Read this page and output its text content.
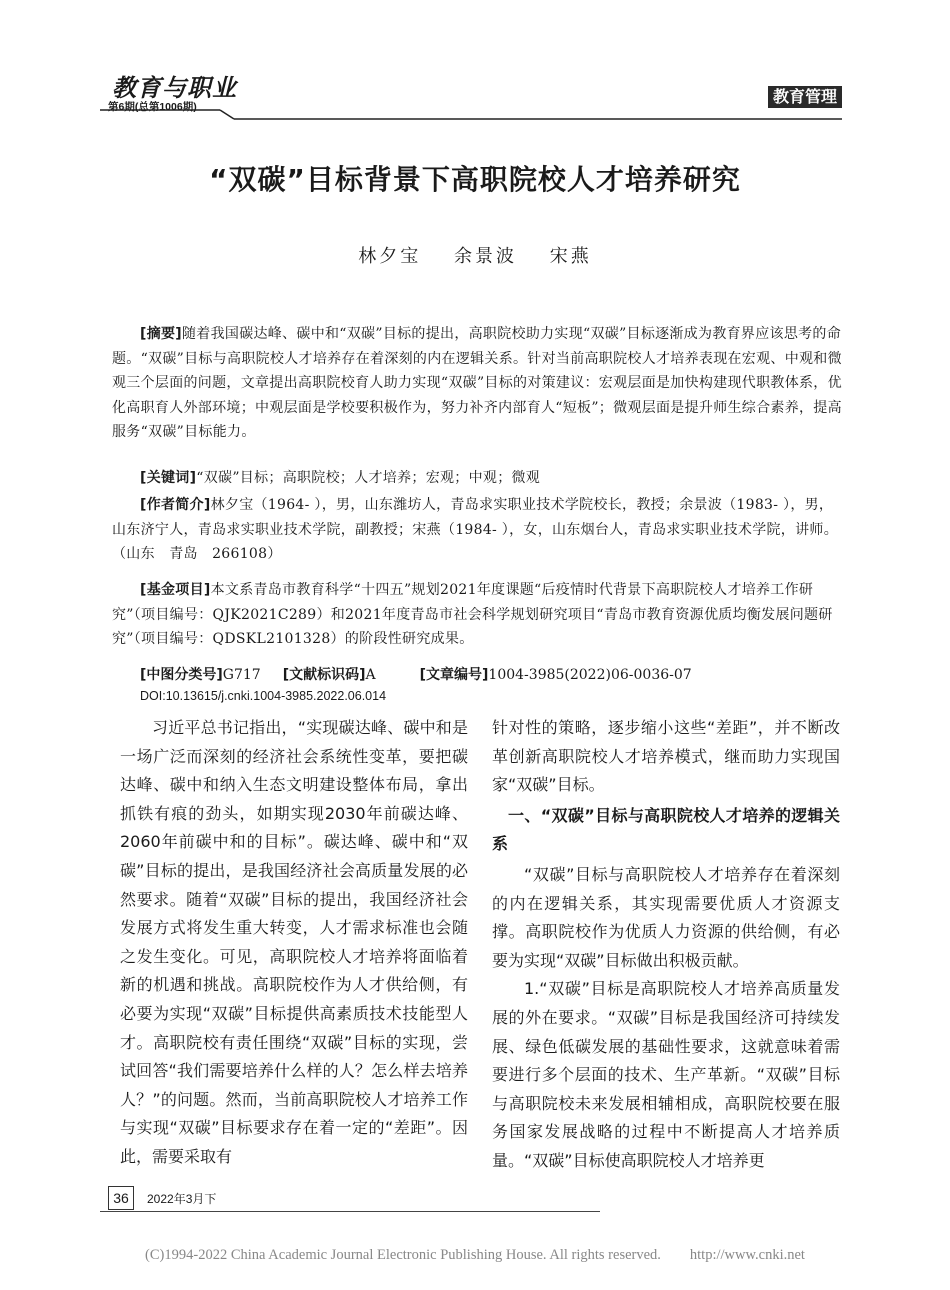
教育与职业
第6期(总第1006期)
教育管理
“双碳”目标背景下高职院校人才培养研究
林夕宝 余景波 宋燕

[摘要]随着我国碳达峰、碳中和“双碳”目标的提出，高职院校助力实现“双碳”目标逐渐成为教育界应该思考的命题。“双碳”目标与高职院校人才培养存在着深刻的内在逻辑关系。针对当前高职院校人才培养表现在宏观、中观和微观三个层面的问题，文章提出高职院校育人助力实现“双碳”目标的对策建议：宏观层面是加快构建现代职教体系，优化高职育人外部环境；中观层面是学校要积极作为，努力补齐内部育人“短板”；微观层面是提升师生综合素养，提高服务“双碳”目标能力。

[关键词]“双碳”目标；高职院校；人才培养；宏观；中观；微观

[作者简介]林夕宝（1964- ），男，山东潍坊人，青岛求实职业技术学院校长，教授；余景波（1983- ），男，山东济宁人，青岛求实职业技术学院，副教授；宋燕（1984- ），女，山东烟台人，青岛求实职业技术学院，讲师。（山东　青岛　266108）

[基金项目]本文系青岛市教育科学“十四五”规划2021年度课题“后疫情时代背景下高职院校人才培养工作研究”（项目编号：QJK2021C289）和2021年度青岛市社会科学规划研究项目“青岛市教育资源优质均衡发展问题研究”（项目编号：QDSKL2101328）的阶段性研究成果。

[中图分类号]G717 [文献标识码]A	[文章编号]1004-3985(2022)06-0036-07
DOI:10.13615/j.cnki.1004-3985.2022.06.014

习近平总书记指出，“实现碳达峰、碳中和是一场广泛而深刻的经济社会系统性变革，要把碳达峰、碳中和纳入生态文明建设整体布局，拿出抓铁有痕的劲头，如期实现2030年前碳达峰、2060年前碳中和的目标”。碳达峰、碳中和“双碳”目标的提出，是我国经济社会高质量发展的必然要求。随着“双碳”目标的提出，我国经济社会发展方式将发生重大转变，人才需求标准也会随之发生变化。可见，高职院校人才培养将面临着新的机遇和挑战。高职院校作为人才供给侧，有必要为实现“双碳”目标提供高素质技术技能型人才。高职院校有责任围绕“双碳”目标的实现，尝试回答“我们需要培养什么样的人？怎么样去培养人？”的问题。然而，当前高职院校人才培养工作与实现“双碳”目标要求存在着一定的“差距”。因此，需要采取有

针对性的策略，逐步缩小这些“差距”，并不断改革创新高职院校人才培养模式，继而助力实现国家“双碳”目标。

一、“双碳”目标与高职院校人才培养的逻辑关系

“双碳”目标与高职院校人才培养存在着深刻的内在逻辑关系，其实现需要优质人才资源支撑。高职院校作为优质人力资源的供给侧，有必要为实现“双碳”目标做出积极贡献。

1.“双碳”目标是高职院校人才培养高质量发展的外在要求。“双碳”目标是我国经济可持续发展、绿色低碳发展的基础性要求，这就意味着需要进行多个层面的技术、生产革新。“双碳”目标与高职院校未来发展相辅相成，高职院校要在服务国家发展战略的过程中不断提高人才培养质量。“双碳”目标使高职院校人才培养更

36	2022年3月下
(C)1994-2022 China Academic Journal Electronic Publishing House. All rights reserved.　　http://www.cnki.net
